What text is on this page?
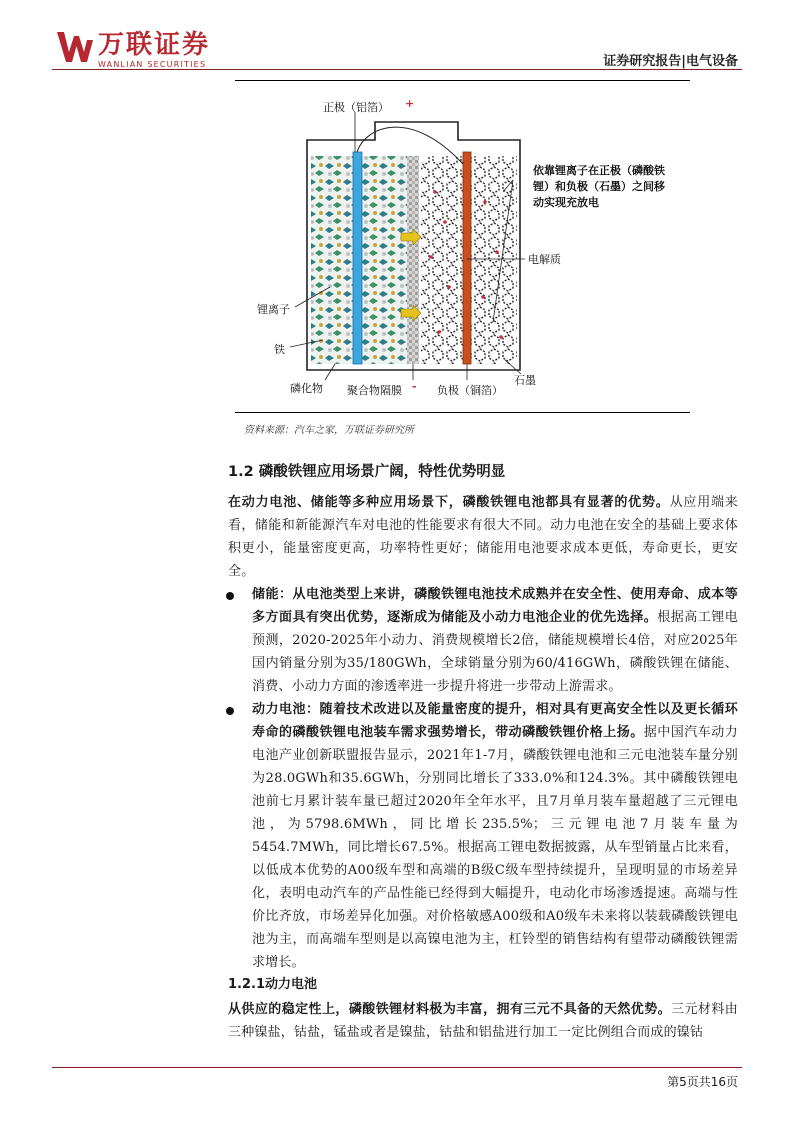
万联证券
WANLIAN SECURITIES	证券研究报告|电气设备
正极（铝箔） +
依靠锂离子在正极（磷酸铁锂）和负极（石墨）之间移动实现充放电
电解质
锂离子
铁
磷化物 聚合物隔膜 - 负极（铜箔）
石墨
资料来源：汽车之家，万联证券研究所
1.2 磷酸铁锂应用场景广阔，特性优势明显
在动力电池、储能等多种应用场景下，磷酸铁锂电池都具有显著的优势。从应用端来看，储能和新能源汽车对电池的性能要求有很大不同。动力电池在安全的基础上要求体积更小，能量密度更高，功率特性更好；储能用电池要求成本更低，寿命更长，更安全。
储能：从电池类型上来讲，磷酸铁锂电池技术成熟并在安全性、使用寿命、成本等多方面具有突出优势，逐渐成为储能及小动力电池企业的优先选择。根据高工锂电预测，2020-2025年小动力、消费规模增长2倍，储能规模增长4倍，对应2025年国内销量分别为35/180GWh，全球销量分别为60/416GWh，磷酸铁锂在储能、消费、小动力方面的渗透率进一步提升将进一步带动上游需求。
动力电池：随着技术改进以及能量密度的提升，相对具有更高安全性以及更长循环寿命的磷酸铁锂电池装车需求强势增长，带动磷酸铁锂价格上扬。据中国汽车动力电池产业创新联盟报告显示，2021年1-7月，磷酸铁锂电池和三元电池装车量分别为28.0GWh和35.6GWh，分别同比增长了333.0%和124.3%。其中磷酸铁锂电池前七月累计装车量已超过2020年全年水平，且7月单月装车量超越了三元锂电池，为5798.6MWh，同比增长235.5%；三元锂电池7月装车量为5454.7MWh，同比增长67.5%。根据高工锂电数据披露，从车型销量占比来看，以低成本优势的A00级车型和高端的B级C级车型持续提升，呈现明显的市场差异化，表明电动汽车的产品性能已经得到大幅提升，电动化市场渗透提速。高端与性价比齐放，市场差异化加强。对价格敏感A00级和A0级车未来将以装载磷酸铁锂电池为主，而高端车型则是以高镍电池为主，杠铃型的销售结构有望带动磷酸铁锂需求增长。
1.2.1动力电池
从供应的稳定性上，磷酸铁锂材料极为丰富，拥有三元不具备的天然优势。三元材料由三种镍盐，钴盐，锰盐或者是镍盐，钴盐和铝盐进行加工一定比例组合而成的镍钴
第5页共16页
